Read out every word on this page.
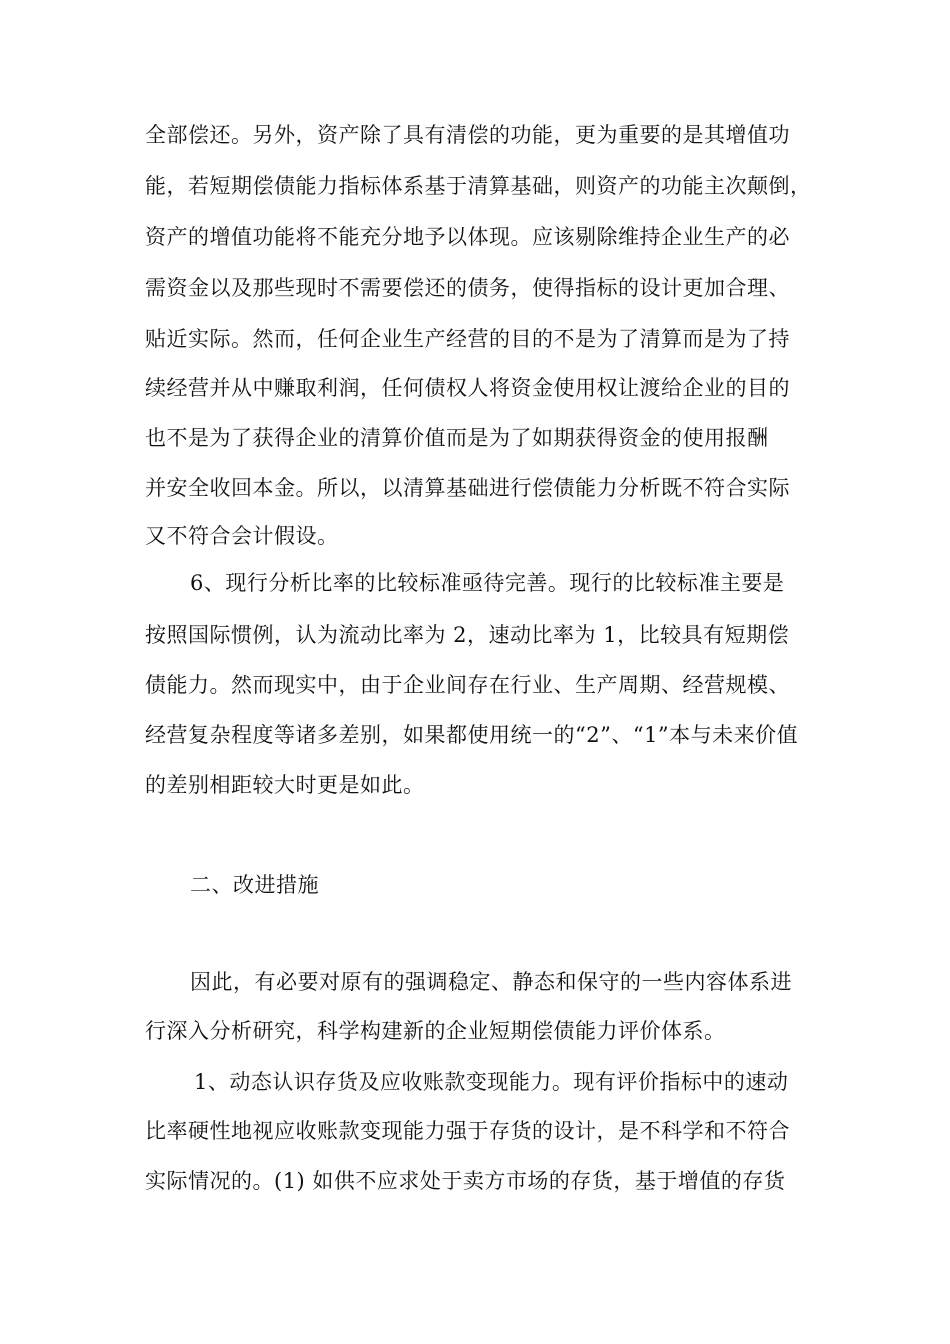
全部偿还。另外，资产除了具有清偿的功能，更为重要的是其增值功
能，若短期偿债能力指标体系基于清算基础，则资产的功能主次颠倒，
资产的增值功能将不能充分地予以体现。应该剔除维持企业生产的必
需资金以及那些现时不需要偿还的债务，使得指标的设计更加合理、
贴近实际。然而，任何企业生产经营的目的不是为了清算而是为了持
续经营并从中赚取利润，任何债权人将资金使用权让渡给企业的目的
也不是为了获得企业的清算价值而是为了如期获得资金的使用报酬
并安全收回本金。所以，以清算基础进行偿债能力分析既不符合实际
又不符合会计假设。
6、现行分析比率的比较标准亟待完善。现行的比较标准主要是
按照国际惯例，认为流动比率为 2，速动比率为 1，比较具有短期偿
债能力。然而现实中，由于企业间存在行业、生产周期、经营规模、
经营复杂程度等诸多差别，如果都使用统一的“2”、“1”本与未来价值
的差别相距较大时更是如此。
二、改进措施
因此，有必要对原有的强调稳定、静态和保守的一些内容体系进
行深入分析研究，科学构建新的企业短期偿债能力评价体系。
1、动态认识存货及应收账款变现能力。现有评价指标中的速动
比率硬性地视应收账款变现能力强于存货的设计，是不科学和不符合
实际情况的。(1) 如供不应求处于卖方市场的存货，基于增值的存货
